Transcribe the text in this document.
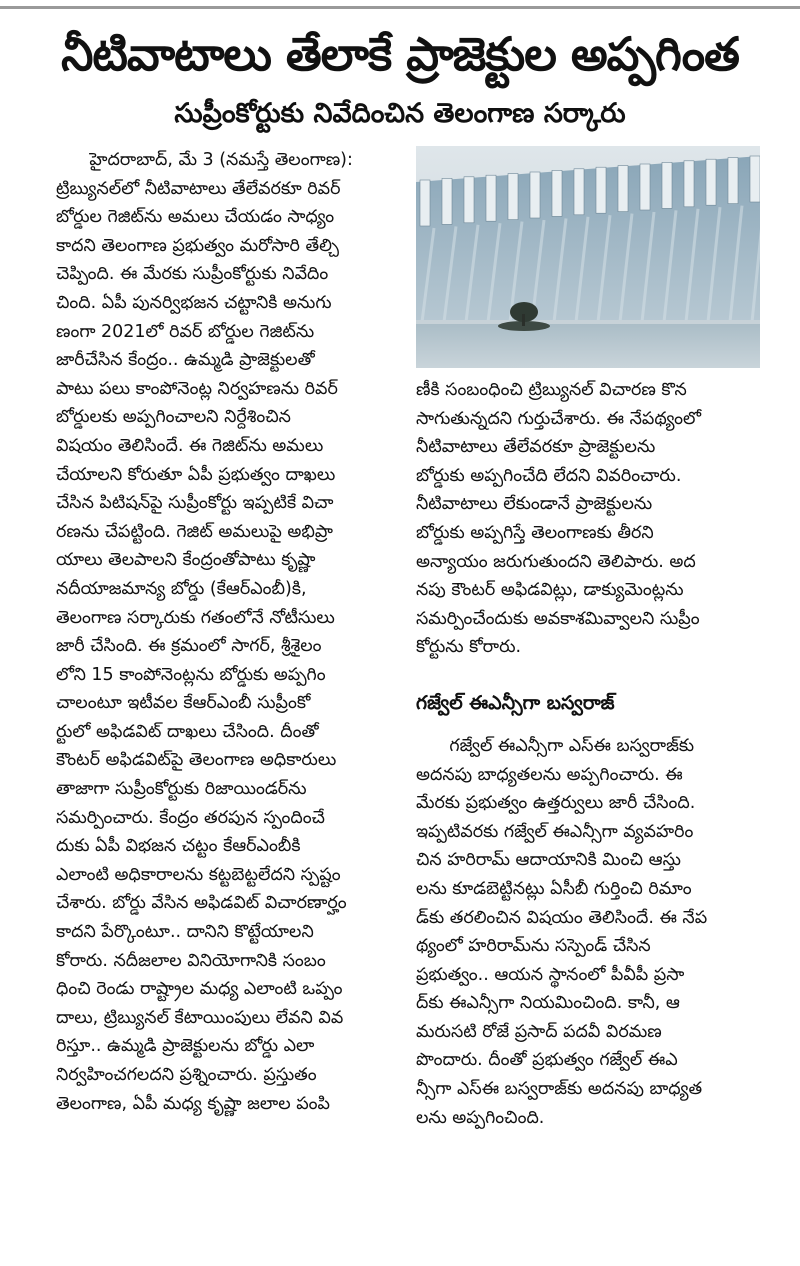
నీటివాటాలు తేలాకే ప్రాజెక్టుల అప్పగింత
సుప్రీంకోర్టుకు నివేదించిన తెలంగాణ సర్కారు

హైదరాబాద్, మే 3 (నమస్తే తెలంగాణ):
ట్రిబ్యునల్‌లో నీటివాటాలు తేలేవరకూ రివర్
బోర్డుల గెజిట్‌ను అమలు చేయడం సాధ్యం
కాదని తెలంగాణ ప్రభుత్వం మరోసారి తేల్చి
చెప్పింది. ఈ మేరకు సుప్రీంకోర్టుకు నివేదిం
చింది. ఏపీ పునర్విభజన చట్టానికి అనుగు
ణంగా 2021లో రివర్ బోర్డుల గెజిట్‌ను
జారీచేసిన కేంద్రం.. ఉమ్మడి ప్రాజెక్టులతో
పాటు పలు కాంపోనెంట్ల నిర్వహణను రివర్
బోర్డులకు అప్పగించాలని నిర్దేశించిన
విషయం తెలిసిందే. ఈ గెజిట్‌ను అమలు
చేయాలని కోరుతూ ఏపీ ప్రభుత్వం దాఖలు
చేసిన పిటిషన్‌పై సుప్రీంకోర్టు ఇప్పటికే విచా
రణను చేపట్టింది. గెజిట్ అమలుపై అభిప్రా
యాలు తెలపాలని కేంద్రంతోపాటు కృష్ణా
నదీయాజమాన్య బోర్డు (కేఆర్ఎంబీ)కి,
తెలంగాణ సర్కారుకు గతంలోనే నోటీసులు
జారీ చేసింది. ఈ క్రమంలో సాగర్, శ్రీశైలం
లోని 15 కాంపోనెంట్లను బోర్డుకు అప్పగిం
చాలంటూ ఇటీవల కేఆర్ఎంబీ సుప్రీంకో
ర్టులో అఫిడవిట్ దాఖలు చేసింది. దీంతో
కౌంటర్ అఫిడవిట్‌పై తెలంగాణ అధికారులు
తాజాగా సుప్రీంకోర్టుకు రిజాయిండర్‌ను
సమర్పించారు. కేంద్రం తరపున స్పందించే
దుకు ఏపీ విభజన చట్టం కేఆర్ఎంబీకి
ఎలాంటి అధికారాలను కట్టబెట్టలేదని స్పష్టం
చేశారు. బోర్డు వేసిన అఫిడవిట్ విచారణార్హం
కాదని పేర్కొంటూ.. దానిని కొట్టేయాలని
కోరారు. నదీజలాల వినియోగానికి సంబం
ధించి రెండు రాష్ట్రాల మధ్య ఎలాంటి ఒప్పం
దాలు, ట్రిబ్యునల్ కేటాయింపులు లేవని వివ
రిస్తూ.. ఉమ్మడి ప్రాజెక్టులను బోర్డు ఎలా
నిర్వహించగలదని ప్రశ్నించారు. ప్రస్తుతం
తెలంగాణ, ఏపీ మధ్య కృష్ణా జలాల పంపి

ణీకి సంబంధించి ట్రిబ్యునల్ విచారణ కొన
సాగుతున్నదని గుర్తుచేశారు. ఈ నేపథ్యంలో
నీటివాటాలు తేలేవరకూ ప్రాజెక్టులను
బోర్డుకు అప్పగించేది లేదని వివరించారు.
నీటివాటాలు లేకుండానే ప్రాజెక్టులను
బోర్డుకు అప్పగిస్తే తెలంగాణకు తీరని
అన్యాయం జరుగుతుందని తెలిపారు. అద
నపు కౌంటర్ అఫిడవిట్లు, డాక్యుమెంట్లను
సమర్పించేందుకు అవకాశమివ్వాలని సుప్రీం
కోర్టును కోరారు.

గజ్వేల్ ఈఎన్సీగా బస్వరాజ్

గజ్వేల్ ఈఎన్సీగా ఎస్ఈ బస్వరాజ్‌కు
అదనపు బాధ్యతలను అప్పగించారు. ఈ
మేరకు ప్రభుత్వం ఉత్తర్వులు జారీ చేసింది.
ఇప్పటివరకు గజ్వేల్ ఈఎన్సీగా వ్యవహరిం
చిన హరిరామ్ ఆదాయానికి మించి ఆస్తు
లను కూడబెట్టినట్లు ఏసీబీ గుర్తించి రిమాం
డ్‌కు తరలించిన విషయం తెలిసిందే. ఈ నేప
థ్యంలో హరిరామ్‌ను సస్పెండ్ చేసిన
ప్రభుత్వం.. ఆయన స్థానంలో పీవీపీ ప్రసా
ద్‌కు ఈఎన్సీగా నియమించింది. కానీ, ఆ
మరుసటి రోజే ప్రసాద్ పదవీ విరమణ
పొందారు. దీంతో ప్రభుత్వం గజ్వేల్ ఈఎ
న్సీగా ఎస్ఈ బస్వరాజ్‌కు అదనపు బాధ్యత
లను అప్పగించింది.
